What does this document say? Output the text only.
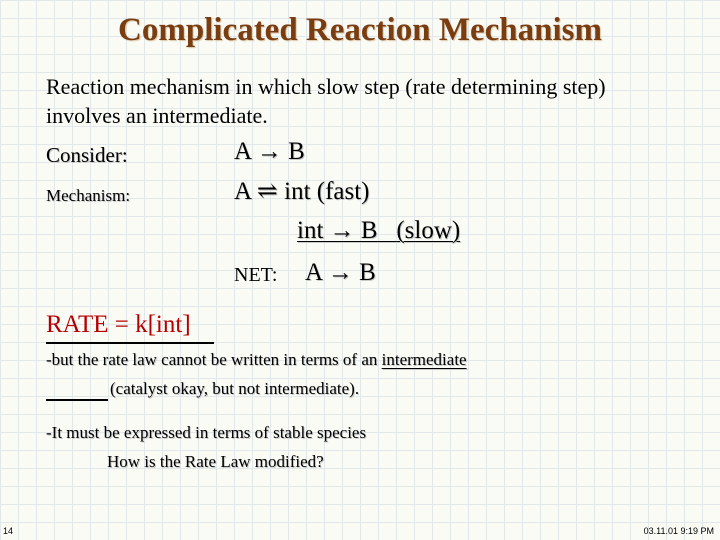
Complicated Reaction Mechanism
Reaction mechanism in which slow step (rate determining step) involves an intermediate.
Consider:	A → B
Mechanism:	A ⇌ int (fast)
int → B (slow)
NET: A → B
RATE = k[int]
-but the rate law cannot be written in terms of an intermediate
(catalyst okay, but not intermediate).
-It must be expressed in terms of stable species
How is the Rate Law modified?
14	03.11.01 9:19 PM
